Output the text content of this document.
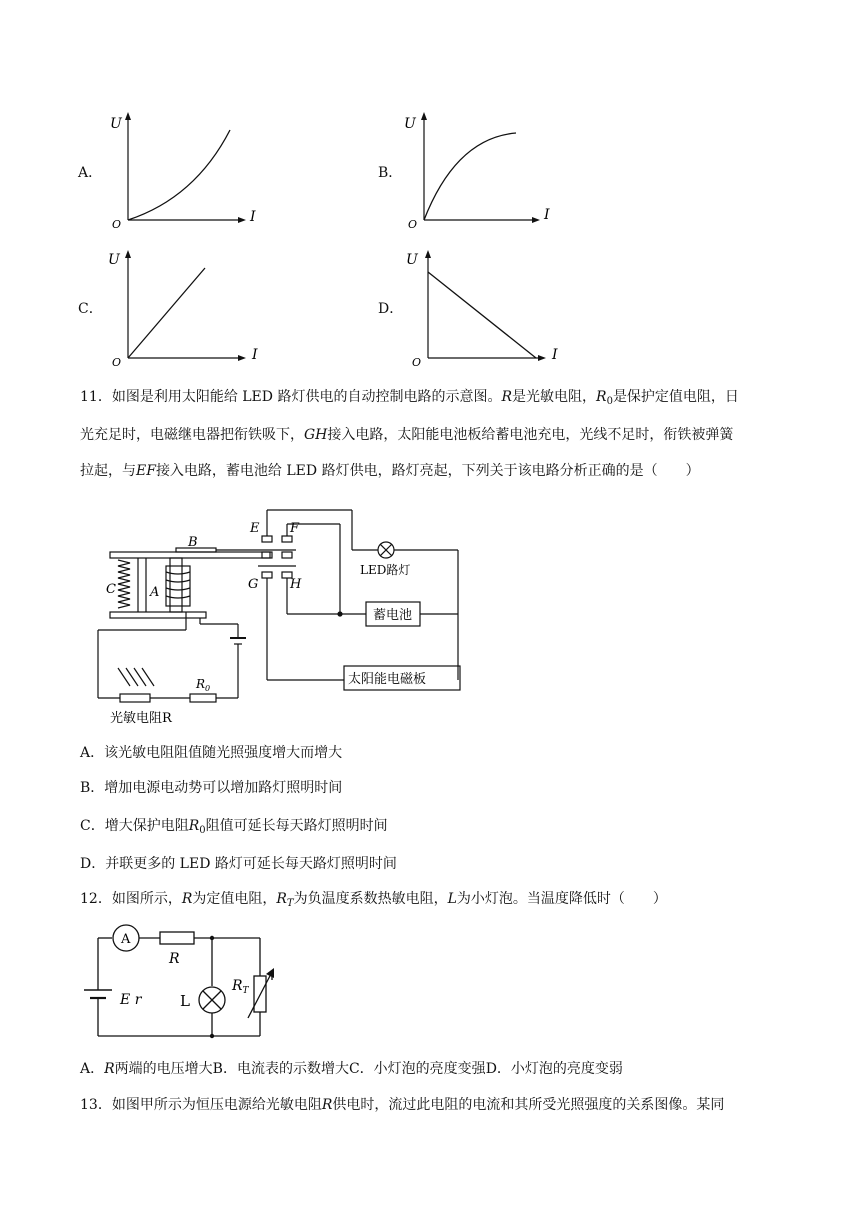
A．
U
I
O
B．
U
I
O
C．
U
I
O
D．
U
I
O
11．如图是利用太阳能给 LED 路灯供电的自动控制电路的示意图。R是光敏电阻，$R_0$是保护定值电阻，日
光充足时，电磁继电器把衔铁吸下，GH接入电路，太阳能电池板给蓄电池充电，光线不足时，衔铁被弹簧
拉起，与EF接入电路，蓄电池给 LED 路灯供电，路灯亮起，下列关于该电路分析正确的是（　　）
B
C	A
E F
G H
LED路灯
蓄电池
太阳能电磁板
光敏电阻R
$R_0$
A．该光敏电阻阻值随光照强度增大而增大
B．增加电源电动势可以增加路灯照明时间
C．增大保护电阻$R_0$阻值可延长每天路灯照明时间
D．并联更多的 LED 路灯可延长每天路灯照明时间
12．如图所示，R为定值电阻，$R_T$为负温度系数热敏电阻，L为小灯泡。当温度降低时（　　）
A
R
L
$R_T$
E r
A．R两端的电压增大B．电流表的示数增大C．小灯泡的亮度变强D．小灯泡的亮度变弱
13．如图甲所示为恒压电源给光敏电阻R供电时，流过此电阻的电流和其所受光照强度的关系图像。某同
